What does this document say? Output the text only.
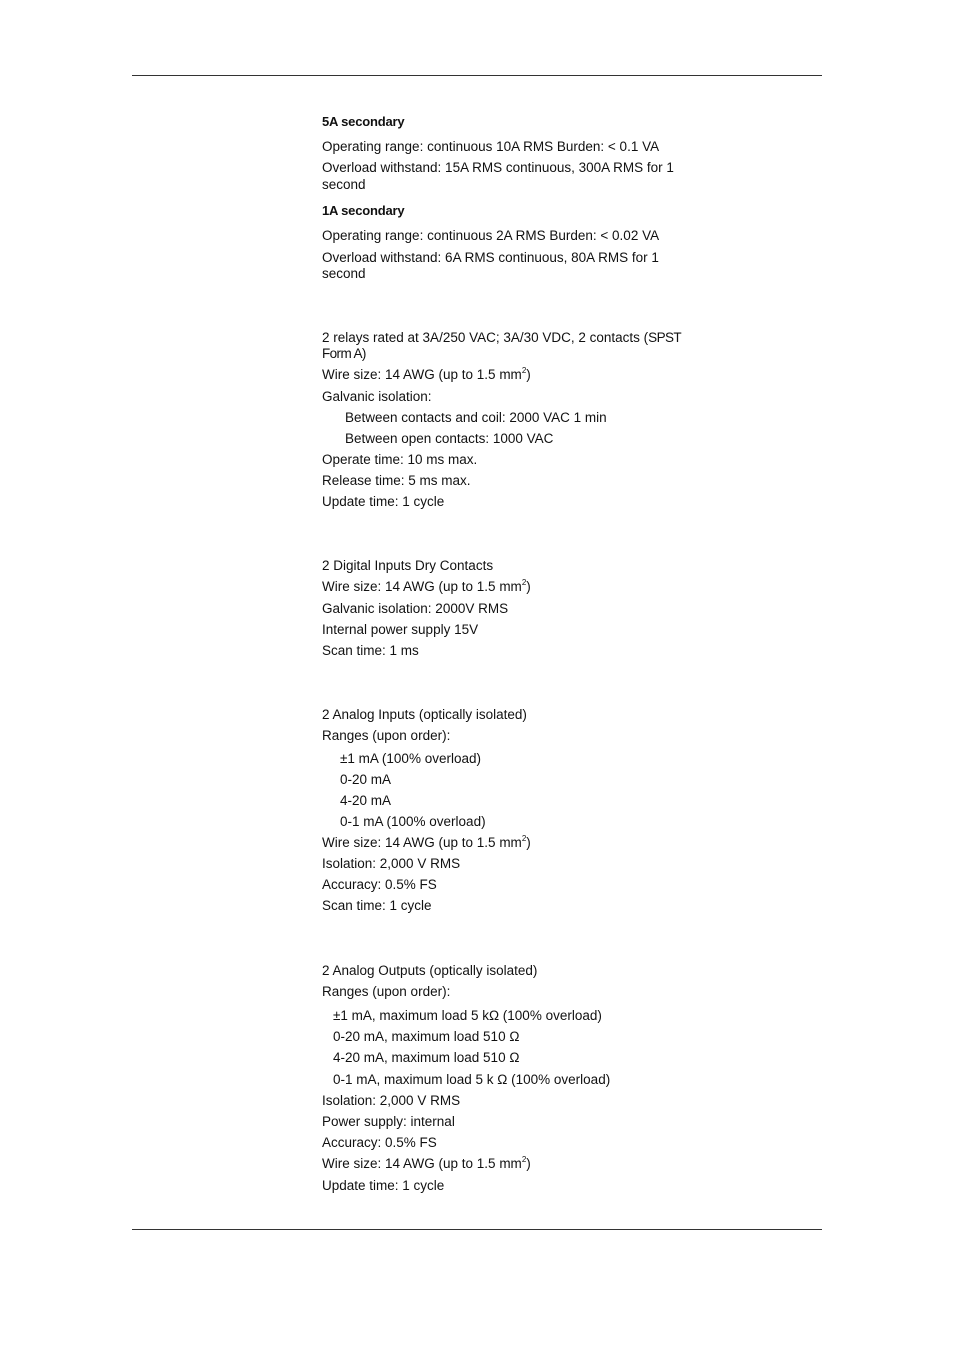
5A secondary
Operating range: continuous 10A RMS Burden: < 0.1 VA
Overload withstand: 15A RMS continuous, 300A RMS for 1
second
1A secondary
Operating range: continuous 2A RMS Burden: < 0.02 VA
Overload withstand: 6A RMS continuous, 80A RMS for 1
second
2 relays rated at 3A/250 VAC; 3A/30 VDC, 2 contacts (SPST
Form A)
Wire size: 14 AWG (up to 1.5 $mm^2$)
Galvanic isolation:
Between contacts and coil: 2000 VAC 1 min
Between open contacts: 1000 VAC
Operate time: 10 ms max.
Release time: 5 ms max.
Update time: 1 cycle
2 Digital Inputs Dry Contacts
Wire size: 14 AWG (up to 1.5 $mm^2$)
Galvanic isolation: 2000V RMS
Internal power supply 15V
Scan time: 1 ms
2 Analog Inputs (optically isolated)
Ranges (upon order):
±1 mA (100% overload)
0-20 mA
4-20 mA
0-1 mA (100% overload)
Wire size: 14 AWG (up to 1.5 $mm^2$)
Isolation: 2,000 V RMS
Accuracy: 0.5% FS
Scan time: 1 cycle
2 Analog Outputs (optically isolated)
Ranges (upon order):
±1 mA, maximum load 5 kΩ (100% overload)
0-20 mA, maximum load 510 Ω
4-20 mA, maximum load 510 Ω
0-1 mA, maximum load 5 k Ω (100% overload)
Isolation: 2,000 V RMS
Power supply: internal
Accuracy: 0.5% FS
Wire size: 14 AWG (up to 1.5 $mm^2$)
Update time: 1 cycle
